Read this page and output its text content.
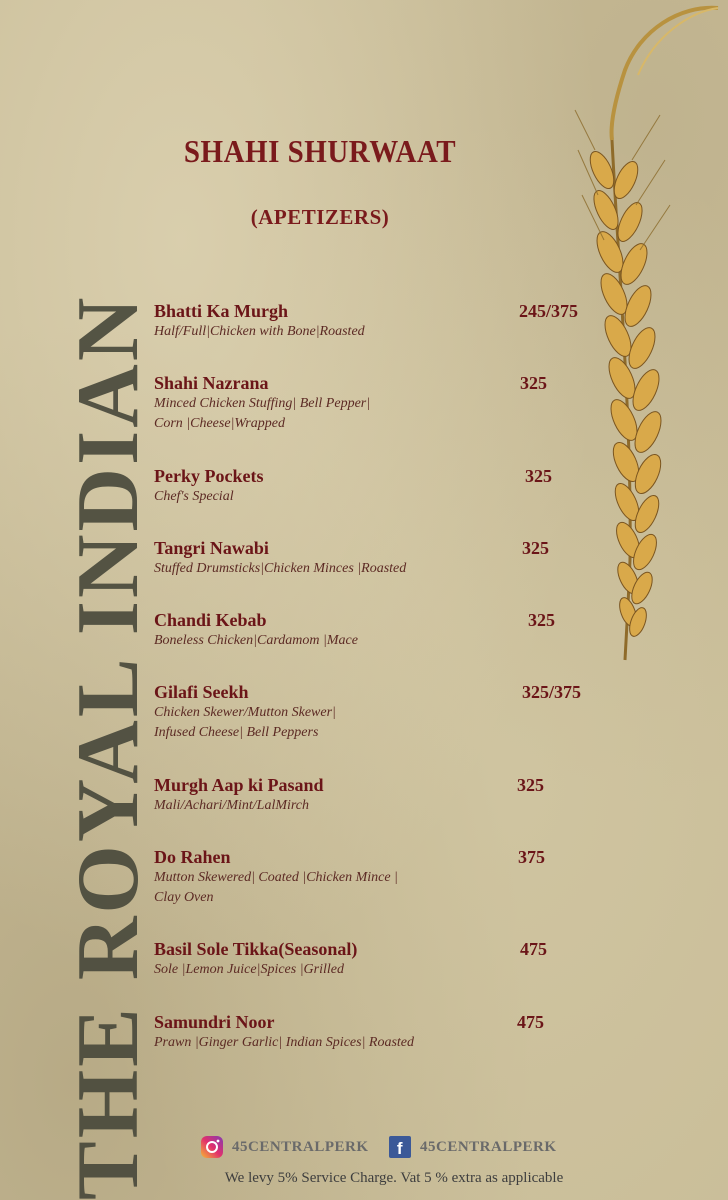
THE ROYAL INDIAN
SHAHI SHURWAAT
(APETIZERS)
Bhatti Ka Murgh
Half/Full|Chicken with Bone|Roasted
245/375
Shahi Nazrana
Minced Chicken Stuffing| Bell Pepper|
Corn |Cheese|Wrapped
325
Perky Pockets
Chef's Special
325
Tangri Nawabi
Stuffed Drumsticks|Chicken Minces |Roasted
325
Chandi Kebab
Boneless Chicken|Cardamom |Mace
325
Gilafi Seekh
Chicken Skewer/Mutton Skewer|
Infused Cheese| Bell Peppers
325/375
Murgh Aap ki Pasand
Mali/Achari/Mint/LalMirch
325
Do Rahen
Mutton Skewered| Coated |Chicken Mince |
Clay Oven
375
Basil Sole Tikka(Seasonal)
Sole |Lemon Juice|Spices |Grilled
475
Samundri Noor
Prawn |Ginger Garlic| Indian Spices| Roasted
475
45CENTRALPERK f 45CENTRALPERK
We levy 5% Service Charge. Vat 5 % extra as applicable
